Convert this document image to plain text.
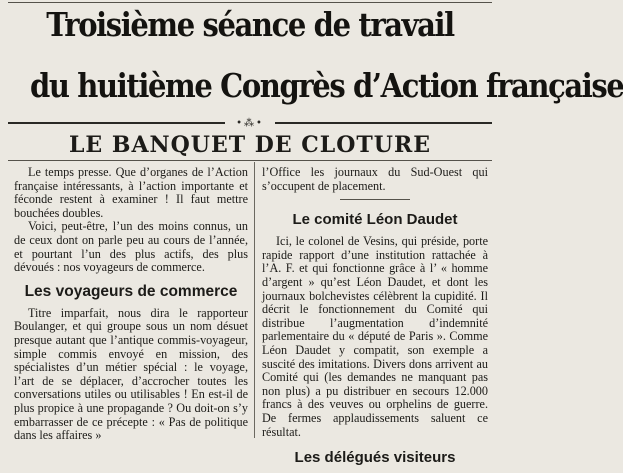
Troisième séance de travail
du huitième Congrès d’Action française
•⁂•
LE BANQUET DE CLOTURE

Le temps presse. Que d’organes de l’Action française intéressants, à l’action importante et féconde restent à examiner ! Il faut mettre bouchées doubles.

Voici, peut-être, l’un des moins connus, un de ceux dont on parle peu au cours de l’année, et pourtant l’un des plus actifs, des plus dévoués : nos voyageurs de commerce.

Les voyageurs de commerce

Titre imparfait, nous dira le rapporteur Boulanger, et qui groupe sous un nom désuet presque autant que l’antique commis-voyageur, simple commis envoyé en mission, des spécialistes d’un métier spécial : le voyage, l’art de se déplacer, d’accrocher toutes les conversations utiles ou utilisables ! En est-il de plus propice à une propagande ? Ou doit-on s’y embarrasser de ce précepte : « Pas de politique dans les affaires »

l’Office les journaux du Sud-Ouest qui s’occupent de placement.

Le comité Léon Daudet

Ici, le colonel de Vesins, qui préside, porte rapide rapport d’une institution rattachée à l’A. F. et qui fonctionne grâce à l’ « homme d’argent » qu’est Léon Daudet, et dont les journaux bolchevistes célèbrent la cupidité. Il décrit le fonctionnement du Comité qui distribue l’augmentation d’indemnité parlementaire du « député de Paris ». Comme Léon Daudet y compatit, son exemple a suscité des imitations. Divers dons arrivent au Comité qui (les demandes ne manquant pas non plus) a pu distribuer en secours 12.000 francs à des veuves ou orphelins de guerre. De fermes applaudissements saluent ce résultat.

Les délégués visiteurs
